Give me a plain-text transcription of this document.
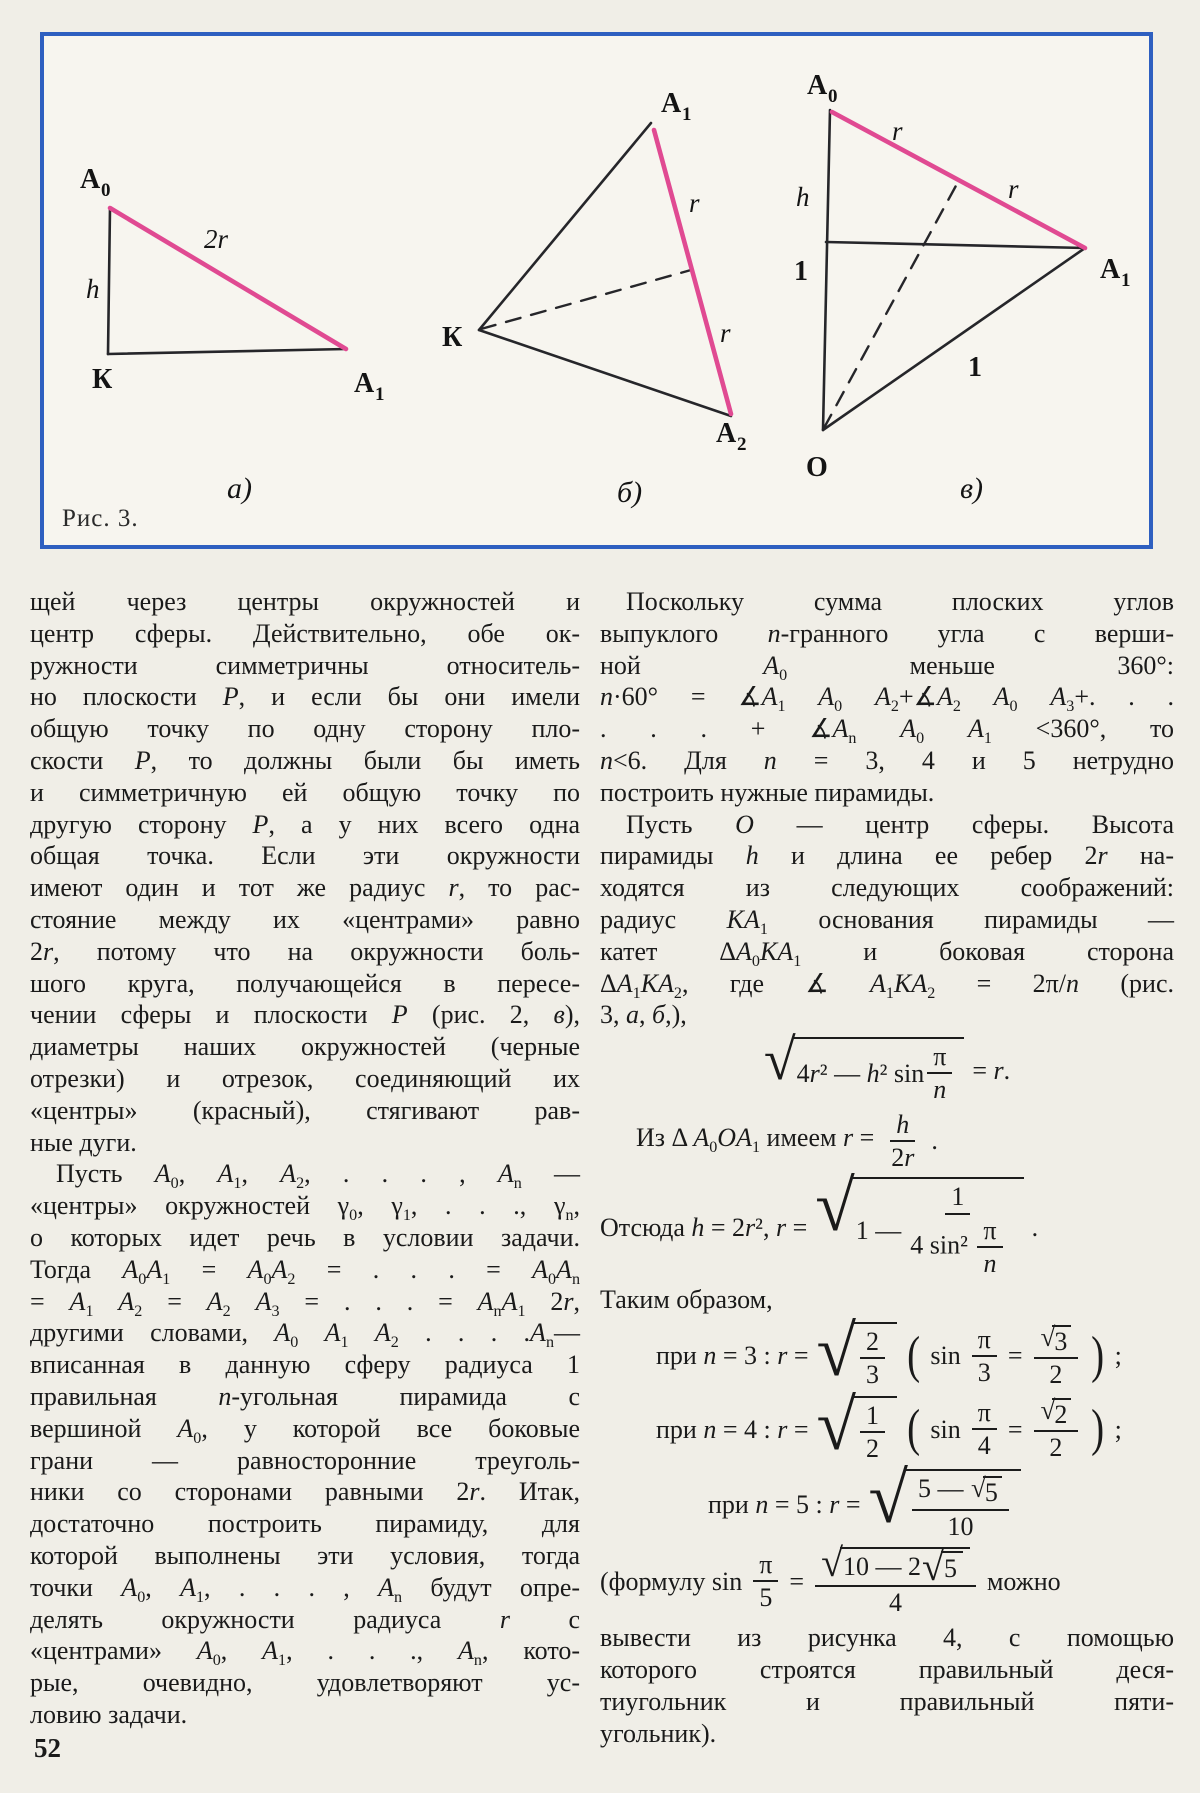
A 0
h
К
2r
A 1
A 1
К
A 2
r
r
A 0
h
1	A 1
1
O
r
r
а)	б)	в)
Рис. 3.
щей через центры окружностей и
центр сферы. Действительно, обе ок-
ружности симметричны относитель-
но плоскости P, и если бы они имели
общую точку по одну сторону пло-
скости P, то должны были бы иметь
и симметричную ей общую точку по
другую сторону P, а у них всего одна
общая точка. Если эти окружности
имеют один и тот же радиус r, то рас-
стояние между их «центрами» равно
2r, потому что на окружности боль-
шого круга, получающейся в пересе-
чении сферы и плоскости P (рис. 2, в),
диаметры наших окружностей (черные
отрезки) и отрезок, соединяющий их
«центры» (красный), стягивают рав-
ные дуги.
 Пусть $A_0$, $A_1$, $A_2$, . . . , $A_n$ —
«центры» окружностей $\gamma_0$, $\gamma_1$, . . ., $\gamma_n$,
о которых идет речь в условии задачи.
Тогда $A_0A_1 = A_0A_2$ = . . . = $A_0A_n$
= $A_1$ $A_2 = A_2$ $A_3$ = . . . = $A_nA_1$ 2r,
другими словами, $A_0$ $A_1$ $A_2$ . . . $.A_n—$
вписанная в данную сферу радиуса 1
правильная n-угольная пирамида с
вершиной $A_0$, у которой все боковые
грани — равносторонние треуголь-
ники со сторонами равными 2r. Итак,
достаточно построить пирамиду, для
которой выполнены эти условия, тогда
точки $A_0$, $A_1$, . . . , $A_n$ будут опре-
делять окружности радиуса r с
«центрами» $A_0$, $A_1$, . . ., $A_n$, кото-
рые, очевидно, удовлетворяют ус-
ловию задачи.
 Поскольку сумма плоских углов
выпуклого n-гранного угла с верши-
ной $A_0$ меньше 360°:
$n\cdot 60^\circ = ∡A_1$ $A_0$ $A_2+∡A_2$ $A_0$ $A_3+$. . .
. . . + $∡A_n$ $A_0$ $A_1 <360^\circ$, то
n<6. Для n = 3, 4 и 5 нетрудно
построить нужные пирамиды.
 Пусть O — центр сферы. Высота
пирамиды h и длина ее ребер 2r на-
ходятся из следующих соображений:
радиус $KA_1$ основания пирамиды —
катет $\Delta A_0KA_1$ и боковая сторона
$\Delta A_1KA_2$, где ∡ $A_1KA_2 = 2\pi/n$ (рис.
3, а, б,),
√ 4r² — h² $\sin \frac{\pi}{n} = r$.
Из Δ $A_0OA_1$ имеем $r = \frac{h}{2r}$ .
Отсюда h = 2r², r = √ 1 — $\frac{1}{4 \sin^2 \frac{\pi}{n}}$ .
Таким образом,
при n = 3 : r = √ $\frac{2}{3}$ ( $\sin \frac{\pi}{3} = \frac{√ 3}{2}$ ) ;
при n = 4 : r = √ $\frac{1}{2}$ ( $\sin \frac{\pi}{4} = \frac{√ 2}{2}$ ) ;
при n = 5 : r = √ $\frac{5 — √ 5}{10}$
(формулу $\sin \frac{\pi}{5} = \frac{√ 10 — 2 √ 5}{4}$ можно
вывести из рисунка 4, с помощью
которого строятся правильный деся-
тиугольник и правильный пяти-
угольник).
52
